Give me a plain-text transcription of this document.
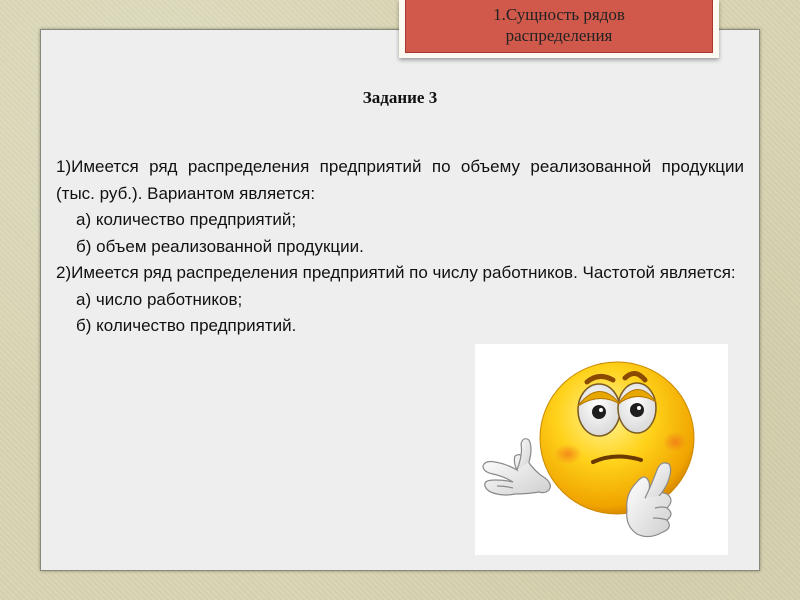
1.Сущность рядов
распределения
Задание 3

1)Имеется ряд распределения предприятий по объему реализованной продукции (тыс. руб.). Вариантом является:

а) количество предприятий;

б) объем реализованной продукции.

2)Имеется ряд распределения предприятий по числу работников. Частотой является:

а) число работников;

б) количество предприятий.
